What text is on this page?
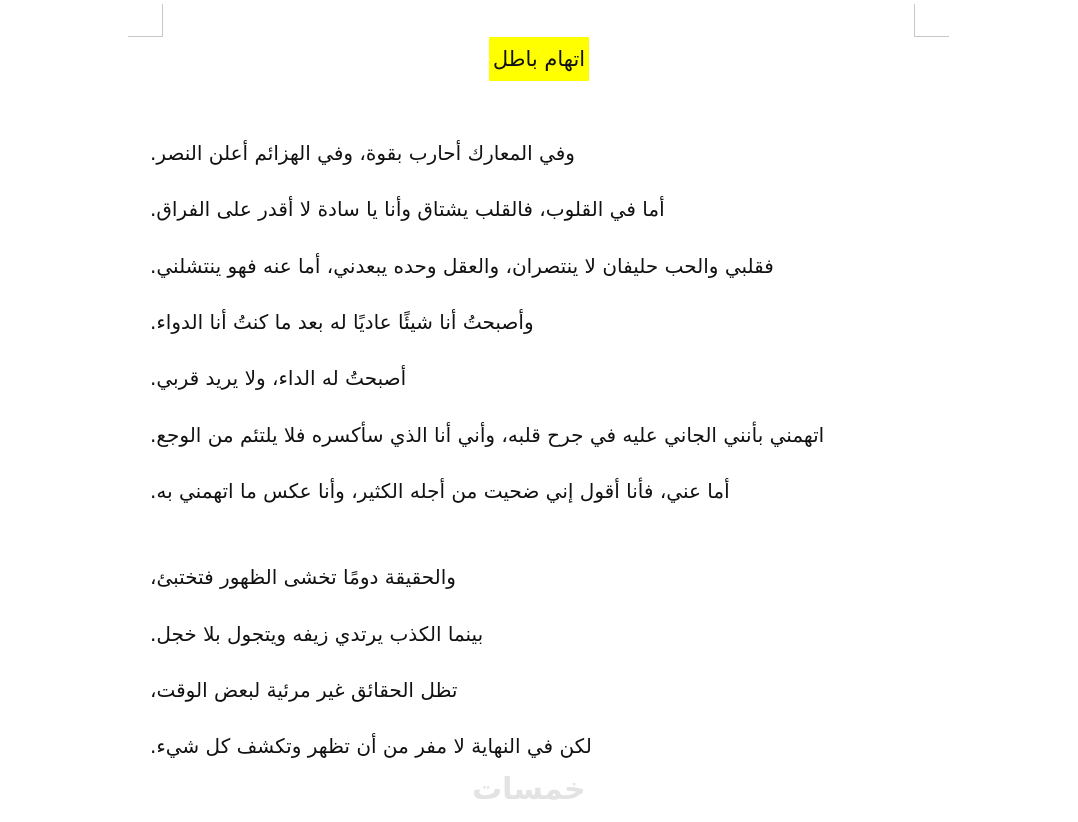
اتهام باطل
وفي المعارك أحارب بقوة، وفي الهزائم أعلن النصر.
أما في القلوب، فالقلب يشتاق وأنا يا سادة لا أقدر على الفراق.
فقلبي والحب حليفان لا ينتصران، والعقل وحده يبعدني، أما عنه فهو ينتشلني.
وأصبحتُ أنا شيئًا عاديًا له بعد ما كنتُ أنا الدواء.
أصبحتُ له الداء، ولا يريد قربي.
اتهمني بأنني الجاني عليه في جرح قلبه، وأني أنا الذي سأكسره فلا يلتئم من الوجع.
أما عني، فأنا أقول إني ضحيت من أجله الكثير، وأنا عكس ما اتهمني به.
والحقيقة دومًا تخشى الظهور فتختبئ،
بينما الكذب يرتدي زيفه ويتجول بلا خجل.
تظل الحقائق غير مرئية لبعض الوقت،
لكن في النهاية لا مفر من أن تظهر وتكشف كل شيء.
خمسات
